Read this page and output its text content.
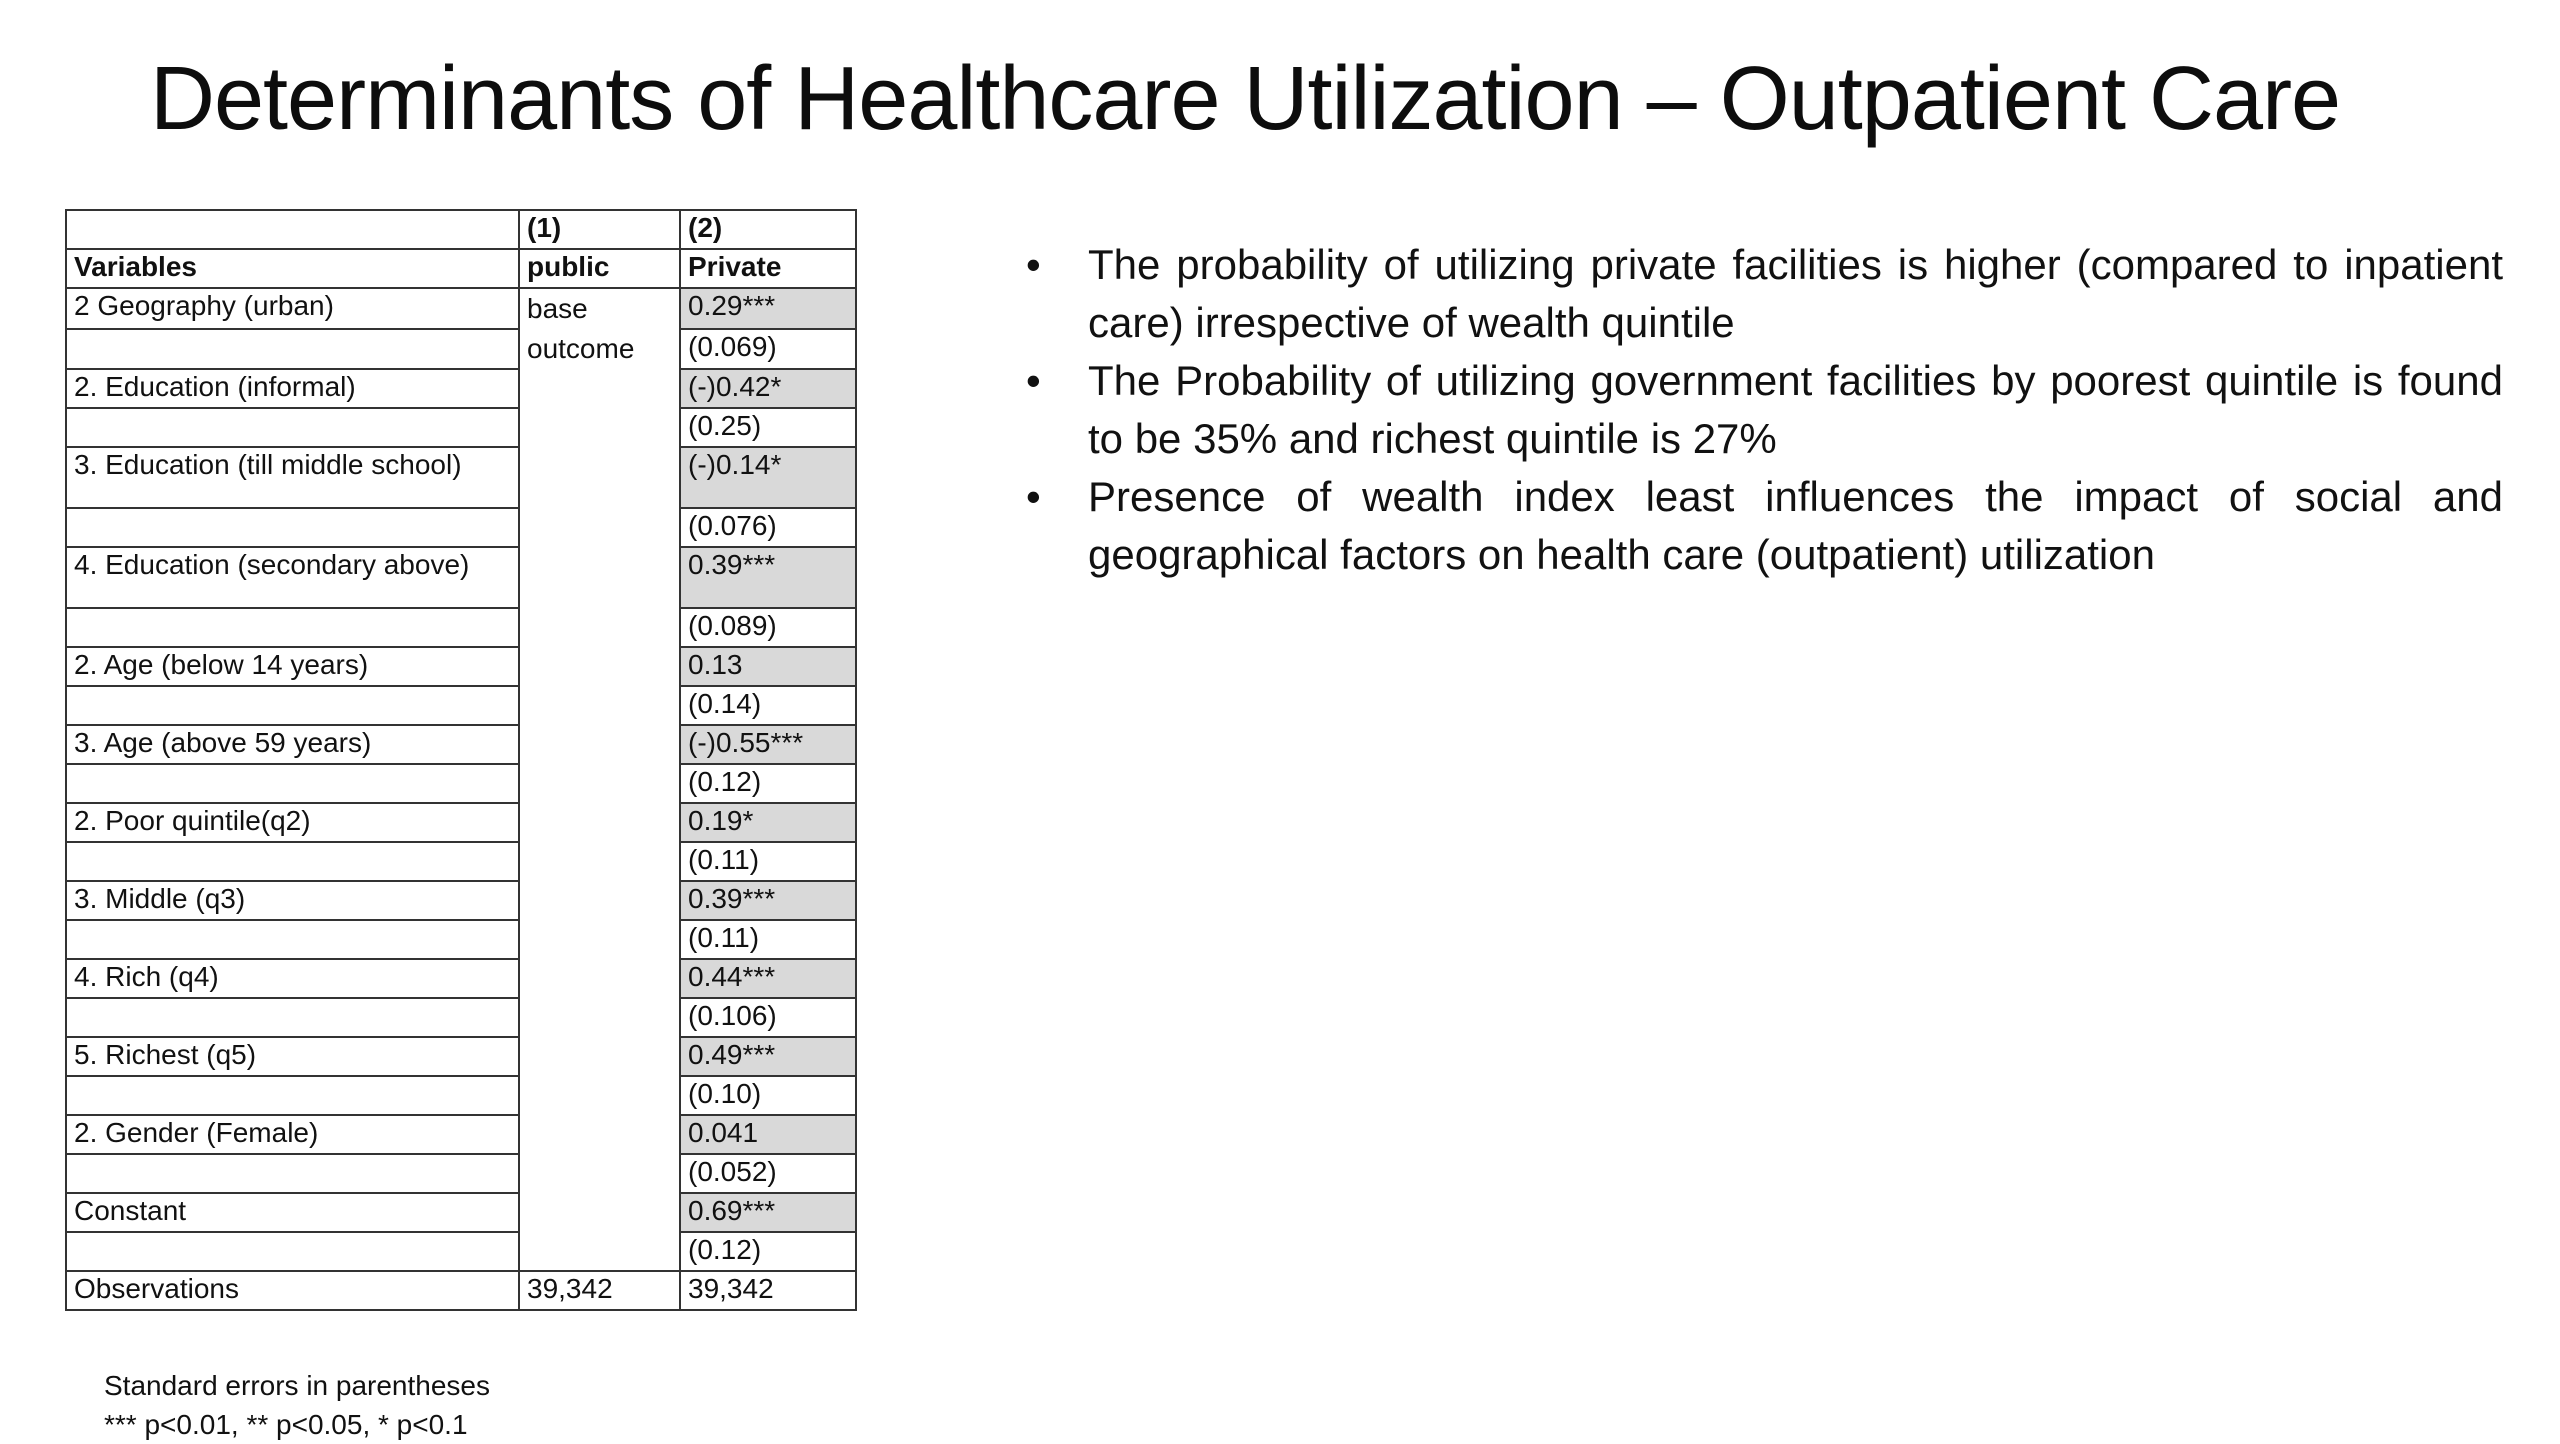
Determinants of Healthcare Utilization – Outpatient Care
	(1)	(2)
Variables	public	Private
2 Geography (urban)	base outcome	0.29***
		(0.069)
2. Education (informal)		(-)0.42*
		(0.25)
3. Education (till middle school)		(-)0.14*
		(0.076)
4. Education (secondary above)		0.39***
		(0.089)
2. Age (below 14 years)		0.13
		(0.14)
3. Age (above 59 years)		(-)0.55***
		(0.12)
2. Poor quintile(q2)		0.19*
		(0.11)
3. Middle (q3)		0.39***
		(0.11)
4. Rich (q4)		0.44***
		(0.106)
5. Richest (q5)		0.49***
		(0.10)
2. Gender (Female)		0.041
		(0.052)
Constant		0.69***
		(0.12)
Observations	39,342	39,342
Standard errors in parentheses
*** p<0.01, ** p<0.05, * p<0.1
• The probability of utilizing private facilities is higher (compared to inpatient care) irrespective of wealth quintile
• The Probability of utilizing government facilities by poorest quintile is found to be 35% and richest quintile is 27%
• Presence of wealth index least influences the impact of social and geographical factors on health care (outpatient) utilization
